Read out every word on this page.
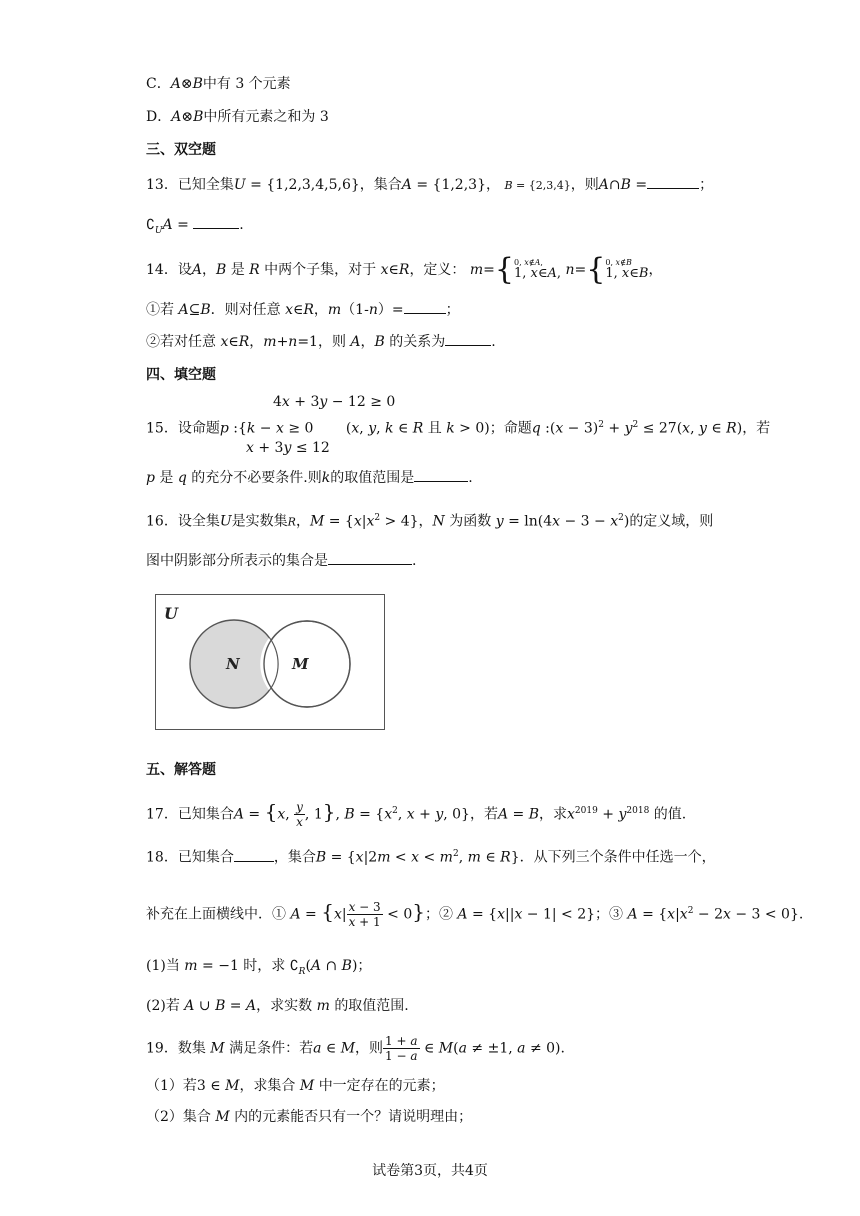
C．A⊗B中有 3 个元素
D．A⊗B中所有元素之和为 3
三、双空题
13．已知全集U = {1,2,3,4,5,6}，集合A = {1,2,3}， B = {2,3,4}，则A∩B =	；
$∁_UA$ =	.
14．设A，B 是 R 中两个子集，对于 x∈R，定义： m = { 0, x∉A,
1, x∈A,
n = { 0, x∉B
1, x∈B ，
①若 A⊆B．则对任意 x∈R，m（1-n）=	；
②若对任意 x∈R，m+n=1，则 A，B 的关系为	.
四、填空题
4x + 3y − 12 ≥ 0
15．设命题p :{k − x ≥ 0 (x, y, k ∈ R 且 k > 0)；命题q :(x − $3)^2 + y^2 \le 27(x$, y ∈ R)，若
x + 3y ≤ 12
p 是 q 的充分不必要条件.则k的取值范围是	.
16．设全集U是实数集R，$M = \{x|x^2 > 4\}$，N 为函数 $y = \ln(4x - 3 - x^2)$的定义域，则
图中阴影部分所表示的集合是	.
U
N	M
五、解答题
17．已知集合A = {x, $\frac{y}{x}$ , 1}, $B = \{x^2$, x + y, 0}，若A = B，求$x^{2019} + y^{2018}$ 的值.
18．已知集合	，集合$B = \{x|2m < x < m^2$, m ∈ R}．从下列三个条件中任选一个，
补充在上面横线中．① $A = \{x| \frac{x - 3}{x + 1} < 0\}$；② A = {x||x − 1| < 2}；③ $A = \{x|x^2 - 2x - 3 < 0\}$.
(1)当 m = −1 时，求 $∁_R(A$ ∩ B)；
(2)若 A ∪ B = A，求实数 m 的取值范围.
19．数集 M 满足条件：若a ∈ M，则 $\frac{1 + a}{1 - a}$ ∈ M(a ≠ ±1, a ≠ 0).
（1）若3 ∈ M，求集合 M 中一定存在的元素；
（2）集合 M 内的元素能否只有一个？请说明理由；
试卷第3页，共4页
